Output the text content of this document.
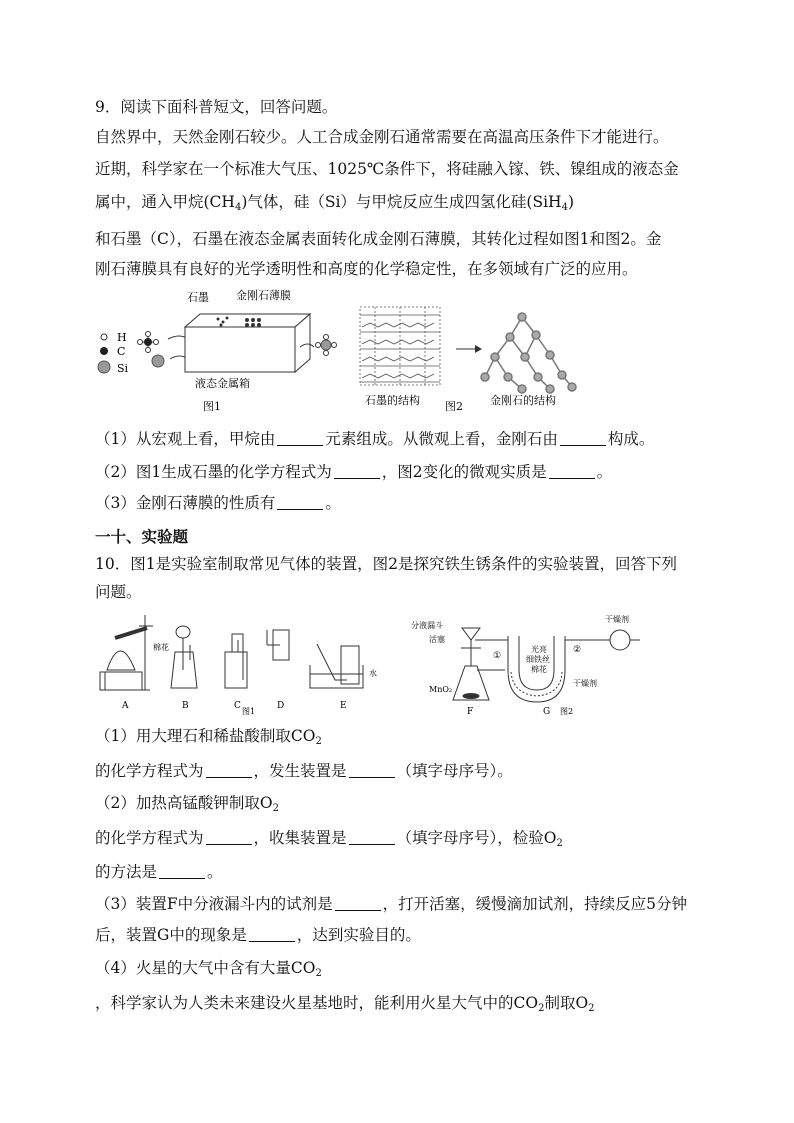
9．阅读下面科普短文，回答问题。
自然界中，天然金刚石较少。人工合成金刚石通常需要在高温高压条件下才能进行。
近期，科学家在一个标准大气压、1025℃条件下，将硅融入镓、铁、镍组成的液态金
属中，通入甲烷$(CH_4)$气体，硅（Si）与甲烷反应生成四氢化硅(SiH$_4$)
和石墨（C），石墨在液态金属表面转化成金刚石薄膜，其转化过程如图1和图2。金
刚石薄膜具有良好的光学透明性和高度的化学稳定性，在多领域有广泛的应用。
H
C
Si
石墨 金刚石薄膜
液态金属箱
图1	石墨的结构 图2 金刚石的结构
（1）从宏观上看，甲烷由	元素组成。从微观上看，金刚石由	构成。
（2）图1生成石墨的化学方程式为	，图2变化的微观实质是	。
（3）金刚石薄膜的性质有	。
一十、实验题
10．图1是实验室制取常见气体的装置，图2是探究铁生锈条件的实验装置，回答下列
问题。
棉花
A	B	C	D	E
水
图1
分液漏斗
活塞
MnO₂
F	G 图2
光亮
细铁丝
棉花
干燥剂
干燥剂
①
②
（1）用大理石和稀盐酸制取$CO_2$
的化学方程式为	，发生装置是	（填字母序号）。
（2）加热高锰酸钾制取$O_2$
的化学方程式为	，收集装置是	（填字母序号），检验$O_2$
的方法是	。
（3）装置F中分液漏斗内的试剂是	，打开活塞，缓慢滴加试剂，持续反应5分钟
后，装置G中的现象是	，达到实验目的。
（4）火星的大气中含有大量$CO_2$
，科学家认为人类未来建设火星基地时，能利用火星大气中的$CO_2$制取$O_2$
